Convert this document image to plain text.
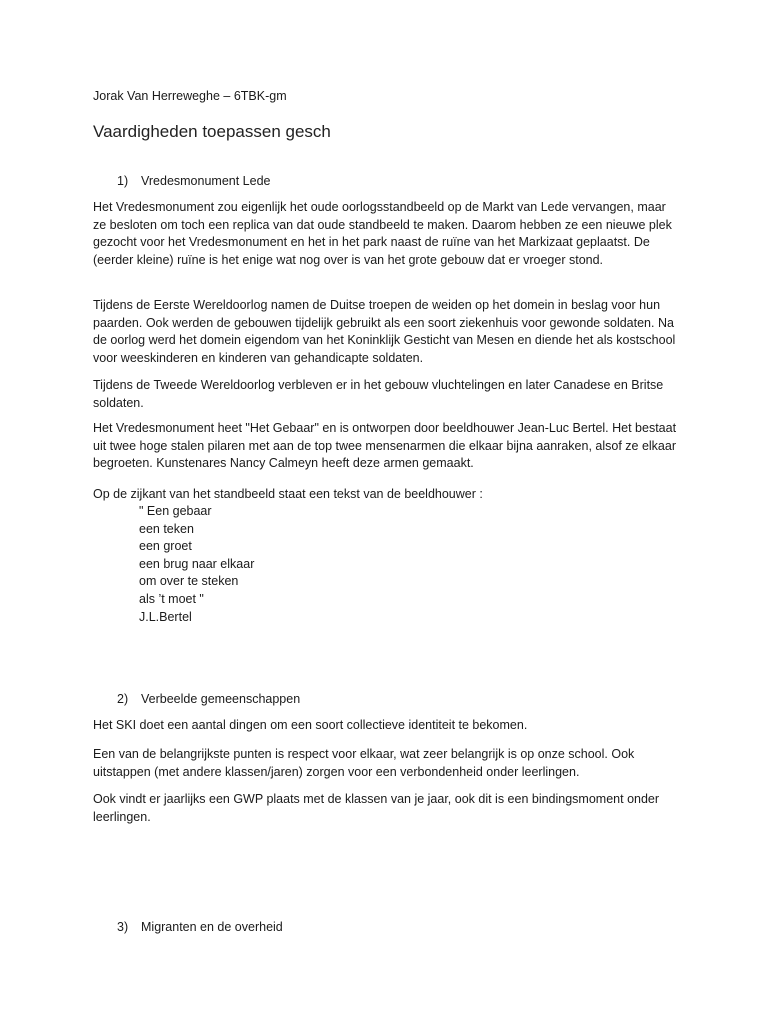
Jorak Van Herreweghe – 6TBK-gm
Vaardigheden toepassen gesch
1) Vredesmonument Lede

Het Vredesmonument zou eigenlijk het oude oorlogsstandbeeld op de Markt van Lede vervangen, maar ze besloten om toch een replica van dat oude standbeeld te maken. Daarom hebben ze een nieuwe plek gezocht voor het Vredesmonument en het in het park naast de ruïne van het Markizaat geplaatst. De (eerder kleine) ruïne is het enige wat nog over is van het grote gebouw dat er vroeger stond.

Tijdens de Eerste Wereldoorlog namen de Duitse troepen de weiden op het domein in beslag voor hun paarden. Ook werden de gebouwen tijdelijk gebruikt als een soort ziekenhuis voor gewonde soldaten. Na de oorlog werd het domein eigendom van het Koninklijk Gesticht van Mesen en diende het als kostschool voor weeskinderen en kinderen van gehandicapte soldaten.

Tijdens de Tweede Wereldoorlog verbleven er in het gebouw vluchtelingen en later Canadese en Britse soldaten.

Het Vredesmonument heet "Het Gebaar" en is ontworpen door beeldhouwer Jean-Luc Bertel. Het bestaat uit twee hoge stalen pilaren met aan de top twee mensenarmen die elkaar bijna aanraken, alsof ze elkaar begroeten. Kunstenares Nancy Calmeyn heeft deze armen gemaakt.

Op de zijkant van het standbeeld staat een tekst van de beeldhouwer :

" Een gebaar
een teken
een groet
een brug naar elkaar
om over te steken
als ’t moet "
J.L.Bertel
2) Verbeelde gemeenschappen

Het SKI doet een aantal dingen om een soort collectieve identiteit te bekomen.

Een van de belangrijkste punten is respect voor elkaar, wat zeer belangrijk is op onze school. Ook uitstappen (met andere klassen/jaren) zorgen voor een verbondenheid onder leerlingen.

Ook vindt er jaarlijks een GWP plaats met de klassen van je jaar, ook dit is een bindingsmoment onder leerlingen.

3) Migranten en de overheid
